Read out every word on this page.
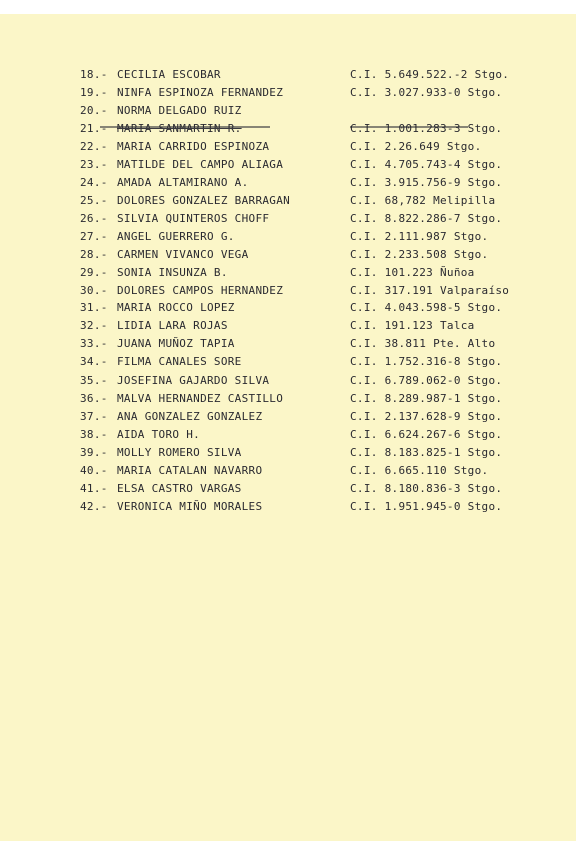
18.- CECILIA ESCOBAR	C.I. 5.649.522.-2 Stgo.
19.- NINFA ESPINOZA FERNANDEZ	C.I. 3.027.933-0 Stgo.
20.- NORMA DELGADO RUIZ
21.- MARIA SANMARTIN R.	C.I. 1.001.283-3 Stgo.
22.- MARIA CARRIDO ESPINOZA	C.I. 2.26.649 Stgo.
23.- MATILDE DEL CAMPO ALIAGA	C.I. 4.705.743-4 Stgo.
24.- AMADA ALTAMIRANO A.	C.I. 3.915.756-9 Stgo.
25.- DOLORES GONZALEZ BARRAGAN	C.I. 68,782 Melipilla
26.- SILVIA QUINTEROS CHOFF	C.I. 8.822.286-7 Stgo.
27.- ANGEL GUERRERO G.	C.I. 2.111.987 Stgo.
28.- CARMEN VIVANCO VEGA	C.I. 2.233.508 Stgo.
29.- SONIA INSUNZA B.	C.I. 101.223 Ñuñoa
30.- DOLORES CAMPOS HERNANDEZ	C.I. 317.191 Valparaíso
31.- MARIA ROCCO LOPEZ	C.I. 4.043.598-5 Stgo.
32.- LIDIA LARA ROJAS	C.I. 191.123 Talca
33.- JUANA MUÑOZ TAPIA	C.I. 38.811 Pte. Alto
34.- FILMA CANALES SORE	C.I. 1.752.316-8 Stgo.
35.- JOSEFINA GAJARDO SILVA	C.I. 6.789.062-0 Stgo.
36.- MALVA HERNANDEZ CASTILLO	C.I. 8.289.987-1 Stgo.
37.- ANA GONZALEZ GONZALEZ	C.I. 2.137.628-9 Stgo.
38.- AIDA TORO H.	C.I. 6.624.267-6 Stgo.
39.- MOLLY ROMERO SILVA	C.I. 8.183.825-1 Stgo.
40.- MARIA CATALAN NAVARRO	C.I. 6.665.110 Stgo.
41.- ELSA CASTRO VARGAS	C.I. 8.180.836-3 Stgo.
42.- VERONICA MIÑO MORALES	C.I. 1.951.945-0 Stgo.
